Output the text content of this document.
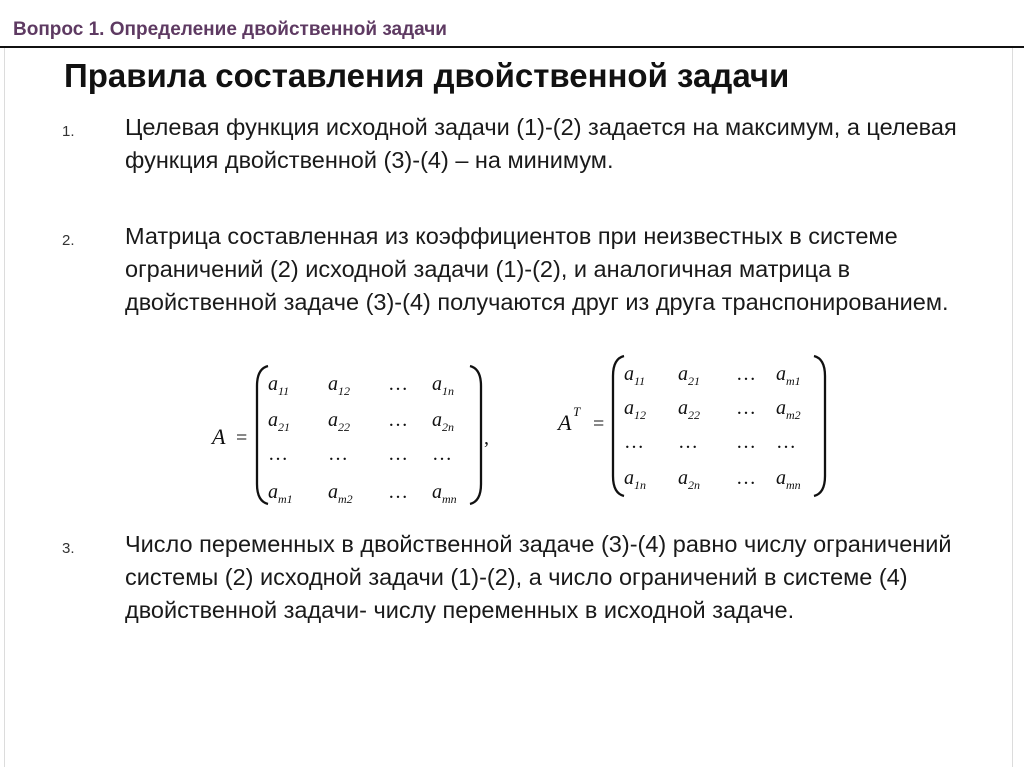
Вопрос 1. Определение двойственной задачи
Правила составления двойственной задачи
1. Целевая функция исходной задачи (1)-(2) задается на максимум, а целевая функция двойственной (3)-(4) – на минимум.
2. Матрица составленная из коэффициентов при неизвестных в системе ограничений (2) исходной задачи (1)-(2), и аналогичная матрица в двойственной задаче (3)-(4) получаются друг из друга транспонированием.
A =	,
$a_{11}$ $a_{12}$ … $a_{1n}$
$a_{21}$ $a_{22}$ … $a_{2n}$
… … … …
$a_{m1}$ $a_{m2}$ … $a_{mn}$
A T
=
$a_{11}$ $a_{21}$ … $a_{m1}$
$a_{12}$ $a_{22}$ … $a_{m2}$
… … … …
$a_{1n}$ $a_{2n}$ … $a_{mn}$
3. Число переменных в двойственной задаче (3)-(4) равно числу ограничений системы (2) исходной задачи (1)-(2), а число ограничений в системе (4) двойственной задачи- числу переменных в исходной задаче.
